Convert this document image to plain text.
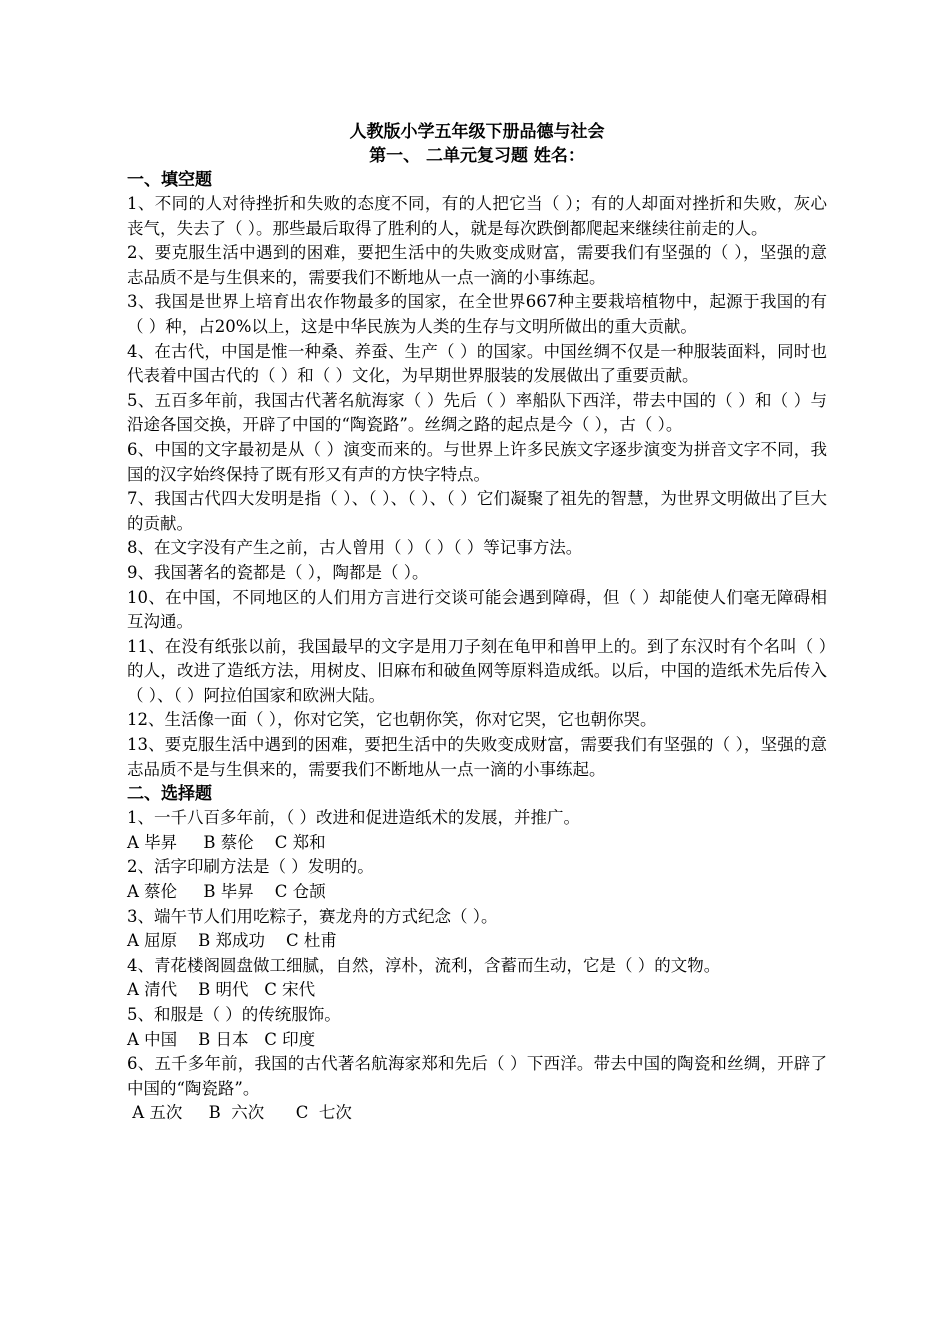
人教版小学五年级下册品德与社会

第一、 二单元复习题 姓名：

一、填空题

1、不同的人对待挫折和失败的态度不同，有的人把它当（ ）；有的人却面对挫折和失败，灰心丧气，失去了（ ）。那些最后取得了胜利的人，就是每次跌倒都爬起来继续往前走的人。

2、要克服生活中遇到的困难，要把生活中的失败变成财富，需要我们有坚强的（ ），坚强的意志品质不是与生俱来的，需要我们不断地从一点一滴的小事练起。

3、我国是世界上培育出农作物最多的国家，在全世界667种主要栽培植物中，起源于我国的有（ ）种，占20%以上，这是中华民族为人类的生存与文明所做出的重大贡献。

4、在古代，中国是惟一种桑、养蚕、生产（ ）的国家。中国丝绸不仅是一种服装面料，同时也代表着中国古代的（ ）和（ ）文化，为早期世界服装的发展做出了重要贡献。

5、五百多年前，我国古代著名航海家（ ）先后（ ）率船队下西洋，带去中国的（ ）和（ ）与沿途各国交换，开辟了中国的“陶瓷路”。丝绸之路的起点是今（ ），古（ ）。

6、中国的文字最初是从（ ）演变而来的。与世界上许多民族文字逐步演变为拼音文字不同，我国的汉字始终保持了既有形又有声的方快字特点。

7、我国古代四大发明是指（ ）、（ ）、（ ）、（ ）它们凝聚了祖先的智慧，为世界文明做出了巨大的贡献。

8、在文字没有产生之前，古人曾用（ ）（ ）（ ）等记事方法。

9、我国著名的瓷都是（ ），陶都是（ ）。

10、在中国，不同地区的人们用方言进行交谈可能会遇到障碍，但（ ）却能使人们毫无障碍相互沟通。

11、在没有纸张以前，我国最早的文字是用刀子刻在龟甲和兽甲上的。到了东汉时有个名叫（ ）的人，改进了造纸方法，用树皮、旧麻布和破鱼网等原料造成纸。以后，中国的造纸术先后传入（ ）、（ ）阿拉伯国家和欧洲大陆。

12、生活像一面（ ），你对它笑，它也朝你笑，你对它哭，它也朝你哭。

13、要克服生活中遇到的困难，要把生活中的失败变成财富，需要我们有坚强的（ ），坚强的意志品质不是与生俱来的，需要我们不断地从一点一滴的小事练起。

二、选择题

1、一千八百多年前，（ ）改进和促进造纸术的发展，并推广。

A 毕昇     B 蔡伦    C 郑和

2、活字印刷方法是（ ）发明的。

A 蔡伦     B 毕昇    C 仓颉

3、端午节人们用吃粽子，赛龙舟的方式纪念（ ）。

A 屈原    B 郑成功    C 杜甫

4、青花楼阁圆盘做工细腻，自然，淳朴，流利，含蓄而生动，它是（ ）的文物。

A 清代    B 明代   C 宋代

5、和服是（ ）的传统服饰。

A 中国    B 日本   C 印度

6、五千多年前，我国的古代著名航海家郑和先后（ ）下西洋。带去中国的陶瓷和丝绸，开辟了中国的“陶瓷路”。

A 五次     B  六次      C  七次
